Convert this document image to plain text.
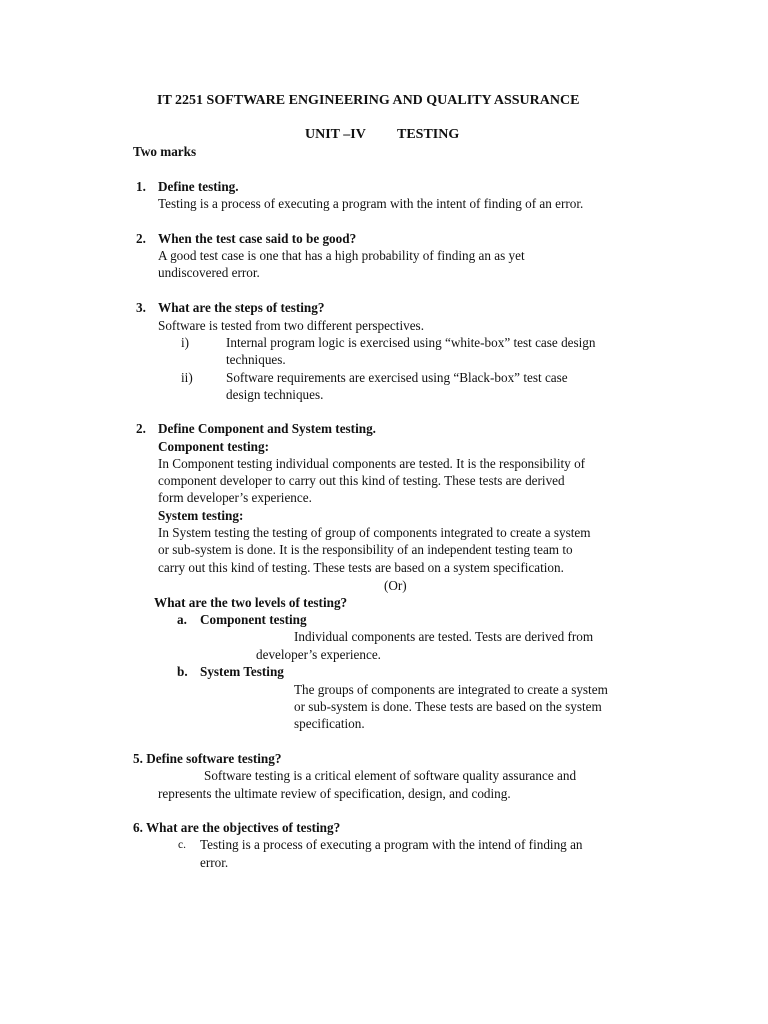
IT 2251 SOFTWARE ENGINEERING AND QUALITY ASSURANCE
UNIT –IV TESTING
Two marks
1. Define testing.
Testing is a process of executing a program with the intent of finding of an error.
2. When the test case said to be good?
A good test case is one that has a high probability of finding an as yet
undiscovered error.
3. What are the steps of testing?
Software is tested from two different perspectives.
i)	Internal program logic is exercised using “white-box” test case design
techniques.
ii)	Software requirements are exercised using “Black-box” test case
design techniques.
2. Define Component and System testing.
Component testing:
In Component testing individual components are tested. It is the responsibility of
component developer to carry out this kind of testing. These tests are derived
form developer’s experience.
System testing:
In System testing the testing of group of components integrated to create a system
or sub-system is done. It is the responsibility of an independent testing team to
carry out this kind of testing. These tests are based on a system specification.
(Or)
What are the two levels of testing?
a. Component testing
Individual components are tested. Tests are derived from
developer’s experience.
b. System Testing
The groups of components are integrated to create a system
or sub-system is done. These tests are based on the system
specification.
5. Define software testing?
Software testing is a critical element of software quality assurance and
represents the ultimate review of specification, design, and coding.
6. What are the objectives of testing?
c. Testing is a process of executing a program with the intend of finding an
error.
